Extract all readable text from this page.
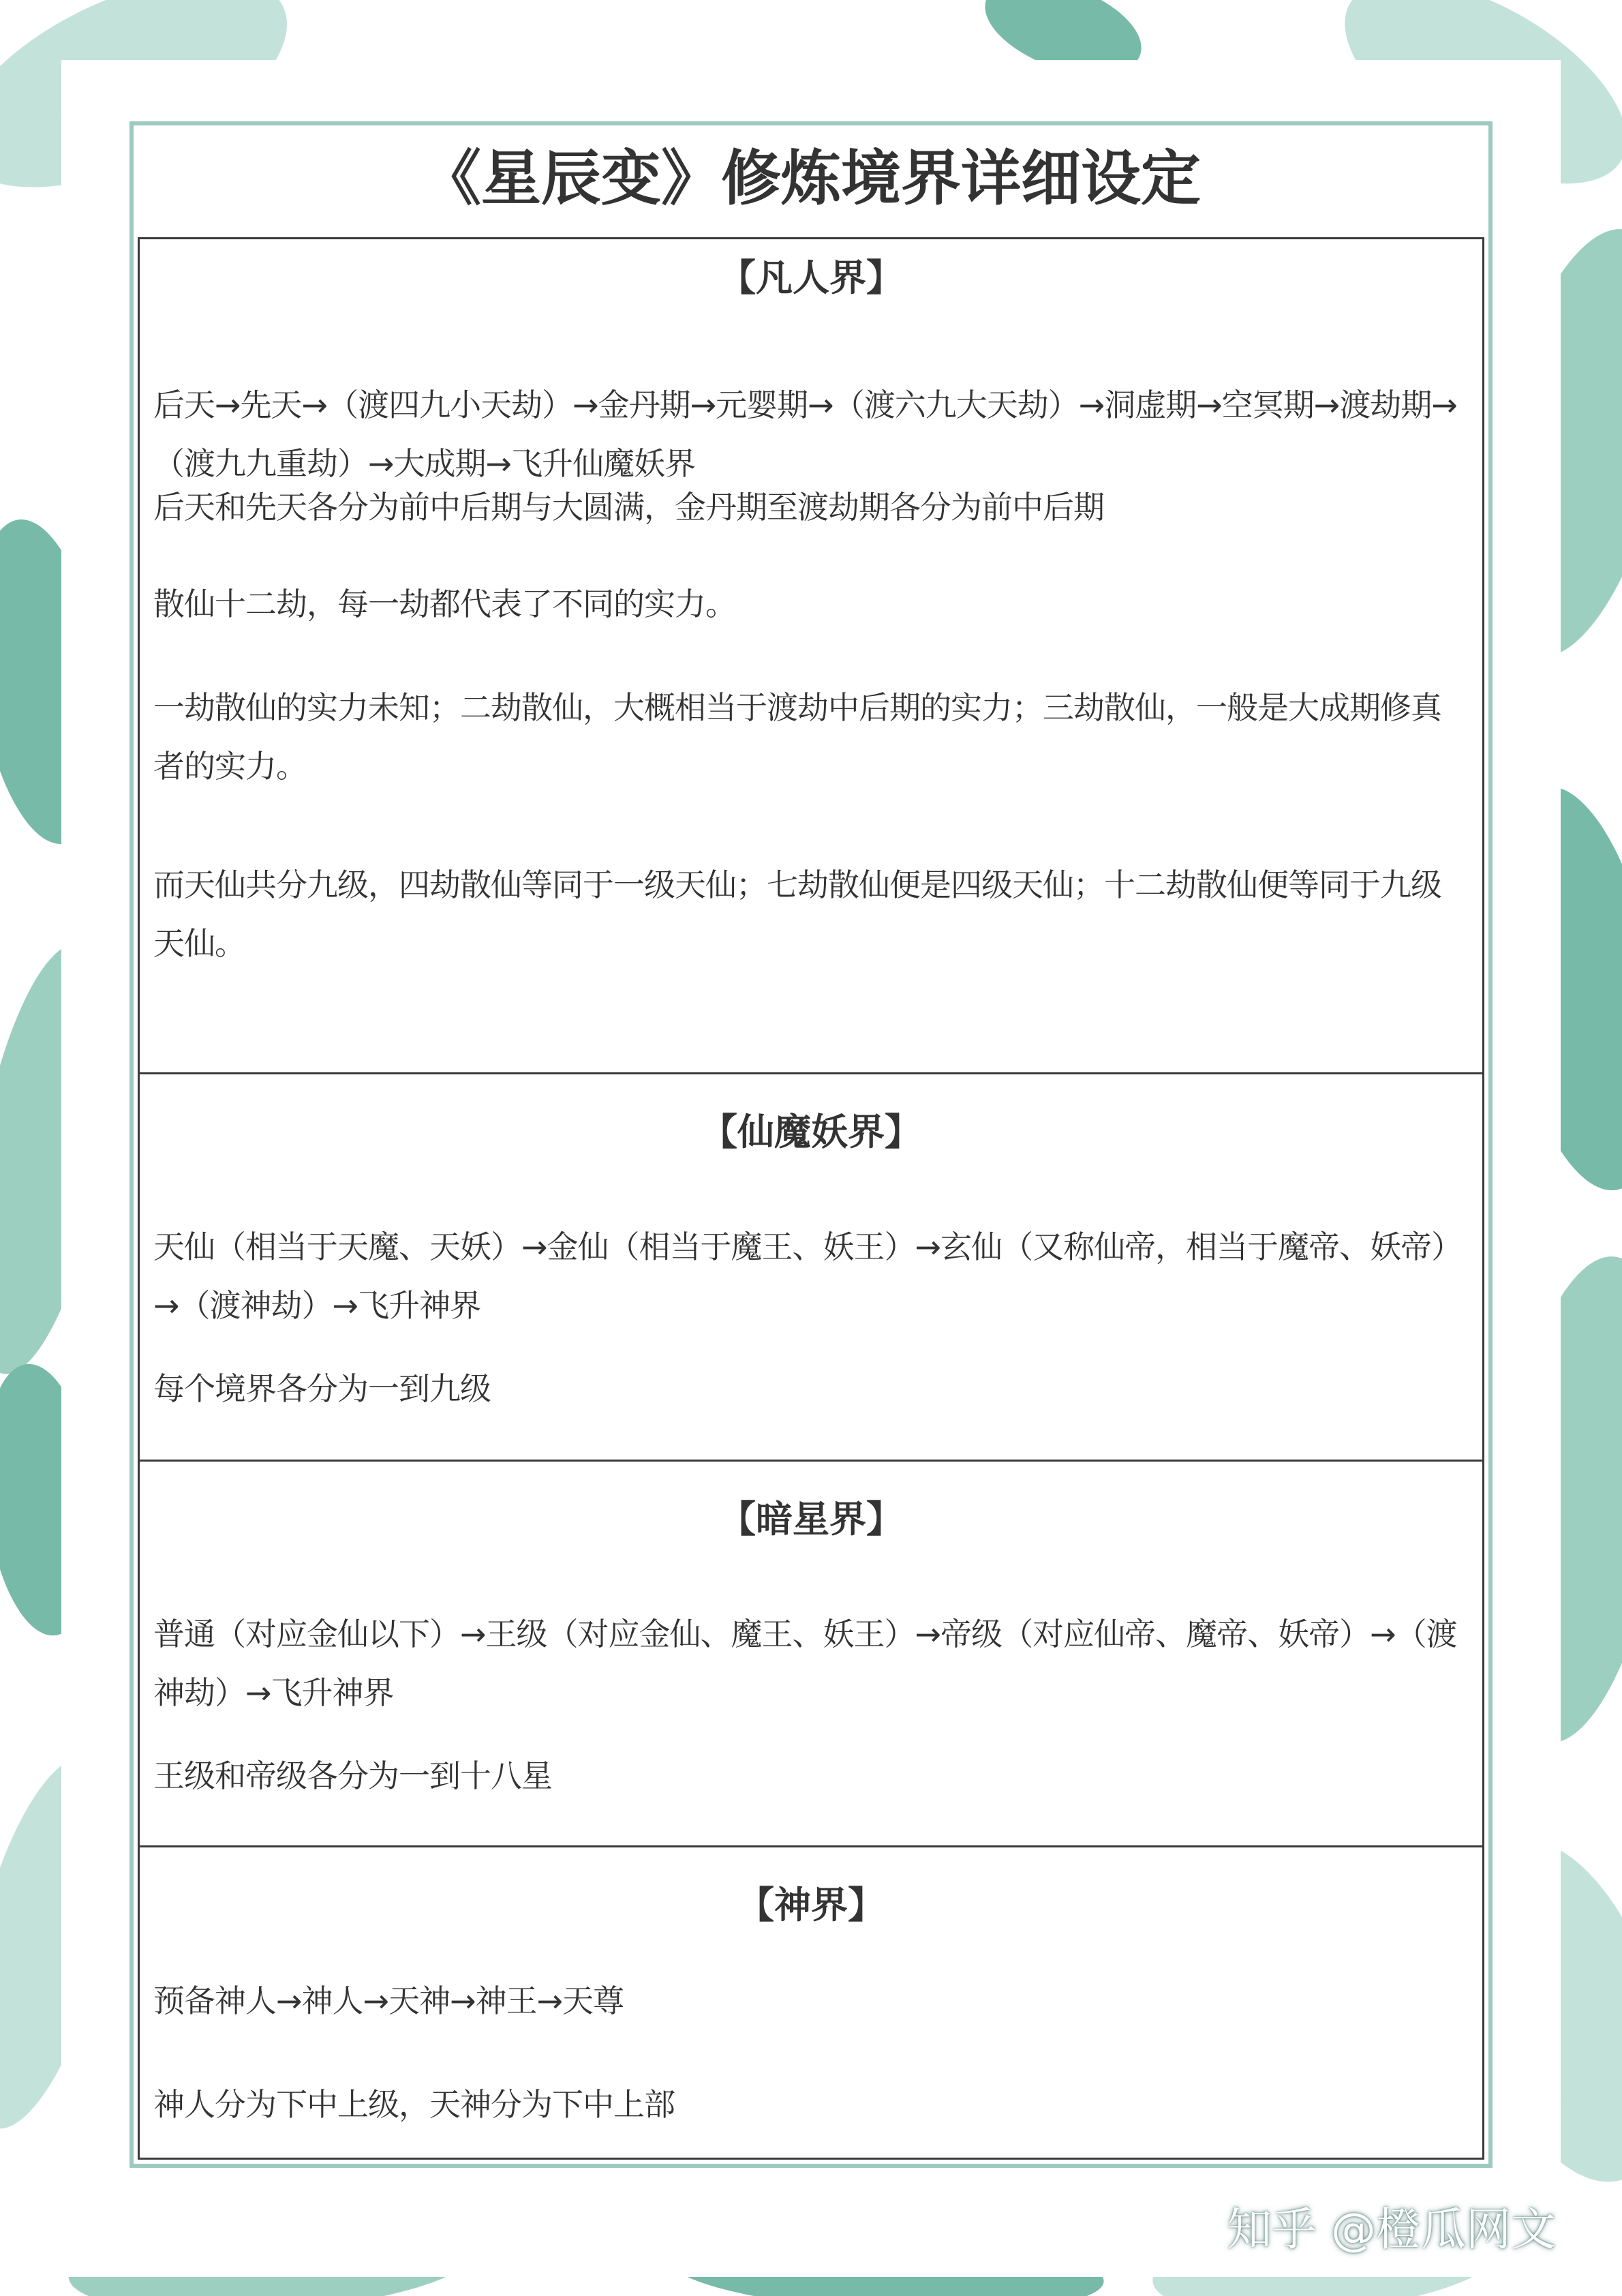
《星辰变》修炼境界详细设定
【凡人界】
后天→先天→（渡四九小天劫）→金丹期→元婴期→（渡六九大天劫）→洞虚期→空冥期→渡劫期→（渡九九重劫）→大成期→飞升仙魔妖界
后天和先天各分为前中后期与大圆满，金丹期至渡劫期各分为前中后期
散仙十二劫，每一劫都代表了不同的实力。
一劫散仙的实力未知；二劫散仙，大概相当于渡劫中后期的实力；三劫散仙，一般是大成期修真者的实力。
而天仙共分九级，四劫散仙等同于一级天仙；七劫散仙便是四级天仙；十二劫散仙便等同于九级天仙。
【仙魔妖界】
天仙（相当于天魔、天妖）→金仙（相当于魔王、妖王）→玄仙（又称仙帝，相当于魔帝、妖帝）→（渡神劫）→飞升神界
每个境界各分为一到九级
【暗星界】
普通（对应金仙以下）→王级（对应金仙、魔王、妖王）→帝级（对应仙帝、魔帝、妖帝）→（渡神劫）→飞升神界
王级和帝级各分为一到十八星
【神界】
预备神人→神人→天神→神王→天尊
神人分为下中上级，天神分为下中上部
知乎 @橙瓜网文
